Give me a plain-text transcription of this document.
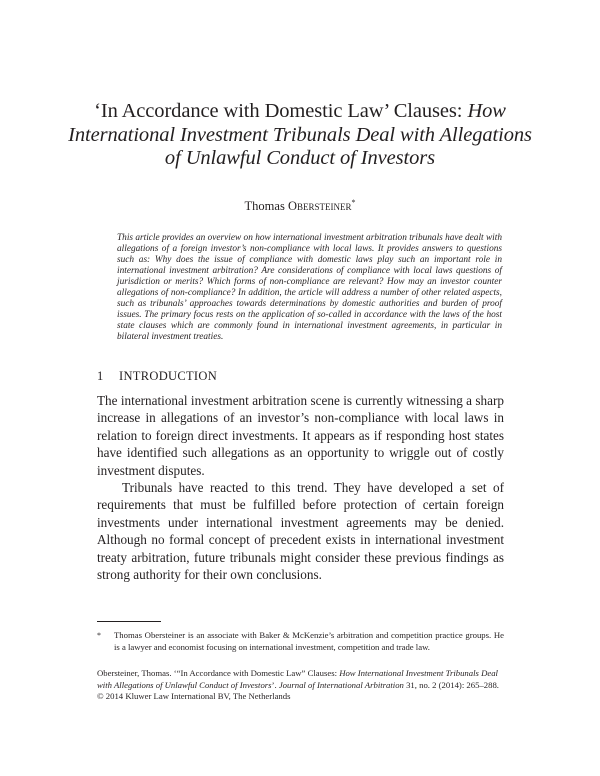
‘In Accordance with Domestic Law’ Clauses: How International Investment Tribunals Deal with Allegations of Unlawful Conduct of Investors
Thomas Obersteiner*

This article provides an overview on how international investment arbitration tribunals have dealt with allegations of a foreign investor’s non-compliance with local laws. It provides answers to questions such as: Why does the issue of compliance with domestic laws play such an important role in international investment arbitration? Are considerations of compliance with local laws questions of jurisdiction or merits? Which forms of non-compliance are relevant? How may an investor counter allegations of non-compliance? In addition, the article will address a number of other related aspects, such as tribunals’ approaches towards determinations by domestic authorities and burden of proof issues. The primary focus rests on the application of so-called in accordance with the laws of the host state clauses which are commonly found in international investment agreements, in particular in bilateral investment treaties.

1 INTRODUCTION

The international investment arbitration scene is currently witnessing a sharp increase in allegations of an investor’s non-compliance with local laws in relation to foreign direct investments. It appears as if responding host states have identified such allegations as an opportunity to wriggle out of costly investment disputes.

Tribunals have reacted to this trend. They have developed a set of requirements that must be fulfilled before protection of certain foreign investments under international investment agreements may be denied. Although no formal concept of precedent exists in international investment treaty arbitration, future tribunals might consider these previous findings as strong authority for their own conclusions.

*	Thomas Obersteiner is an associate with Baker & McKenzie’s arbitration and competition practice groups. He is a lawyer and economist focusing on international investment, competition and trade law.
Obersteiner, Thomas. ‘“In Accordance with Domestic Law” Clauses: How International Investment Tribunals Deal with Allegations of Unlawful Conduct of Investors’. Journal of International Arbitration 31, no. 2 (2014): 265–288.
© 2014 Kluwer Law International BV, The Netherlands
